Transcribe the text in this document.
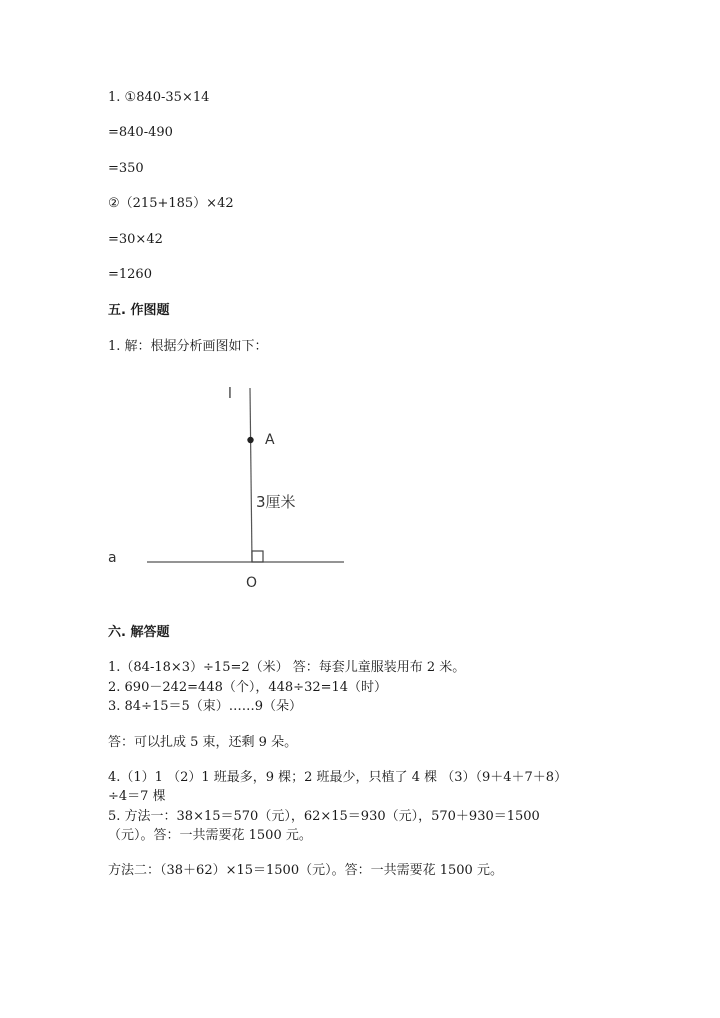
1. ①840-35×14
=840-490
=350
②（215+185）×42
=30×42
=1260
五. 作图题
1. 解：根据分析画图如下：
l
A
3厘米
a
O
六. 解答题
1.（84-18×3）÷15=2（米） 答：每套儿童服装用布 2 米。
2. 690－242=448（个），448÷32=14（时）
3. 84÷15＝5（束）……9（朵）
答：可以扎成 5 束，还剩 9 朵。
4.（1）1 （2）1 班最多，9 棵；2 班最少，只植了 4 棵 （3）（9＋4＋7＋8）
÷4＝7 棵
5. 方法一：38×15＝570（元），62×15＝930（元），570＋930＝1500
（元）。答：一共需要花 1500 元。
方法二：（38＋62）×15＝1500（元）。答：一共需要花 1500 元。
